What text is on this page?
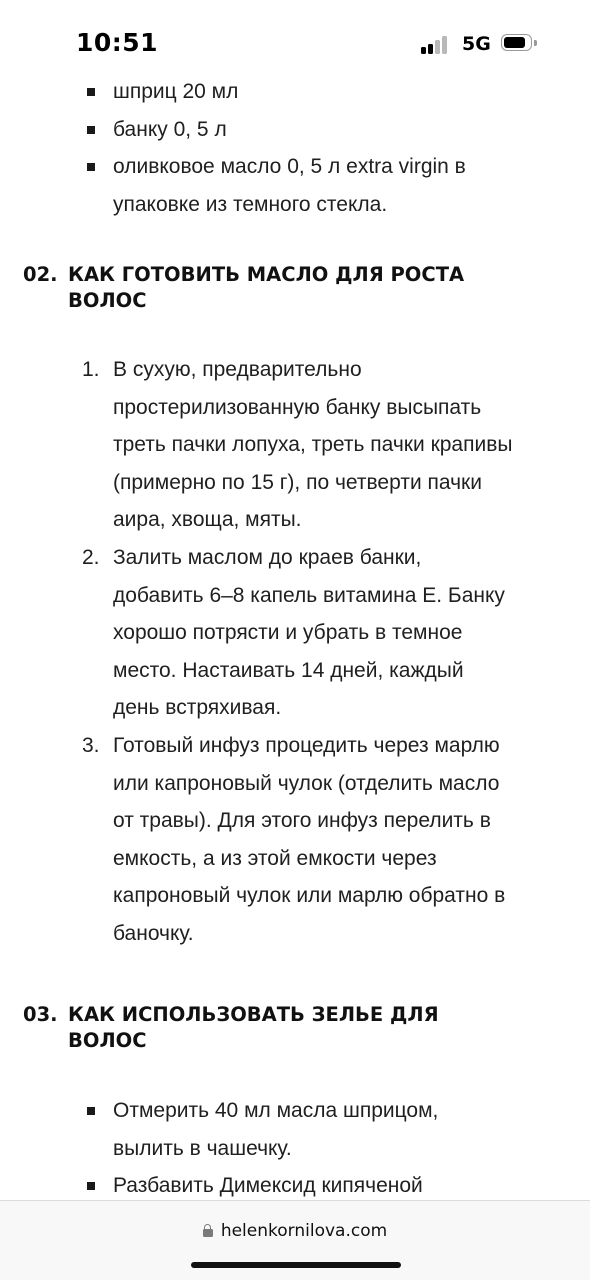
10:51	5G
шприц 20 мл
банку 0, 5 л
оливковое масло 0, 5 л extra virgin в упаковке из темного стекла.
02. КАК ГОТОВИТЬ МАСЛО ДЛЯ РОСТА ВОЛОС
1. В сухую, предварительно простерилизованную банку высыпать треть пачки лопуха, треть пачки крапивы (примерно по 15 г), по четверти пачки аира, хвоща, мяты.
2. Залить маслом до краев банки, добавить 6–8 капель витамина Е. Банку хорошо потрясти и убрать в темное место. Настаивать 14 дней, каждый день встряхивая.
3. Готовый инфуз процедить через марлю или капроновый чулок (отделить масло от травы). Для этого инфуз перелить в емкость, а из этой емкости через капроновый чулок или марлю обратно в баночку.
03. КАК ИСПОЛЬЗОВАТЬ ЗЕЛЬЕ ДЛЯ ВОЛОС
Отмерить 40 мл масла шприцом, вылить в чашечку.
Разбавить Димексид кипяченой
helenkornilova.com
